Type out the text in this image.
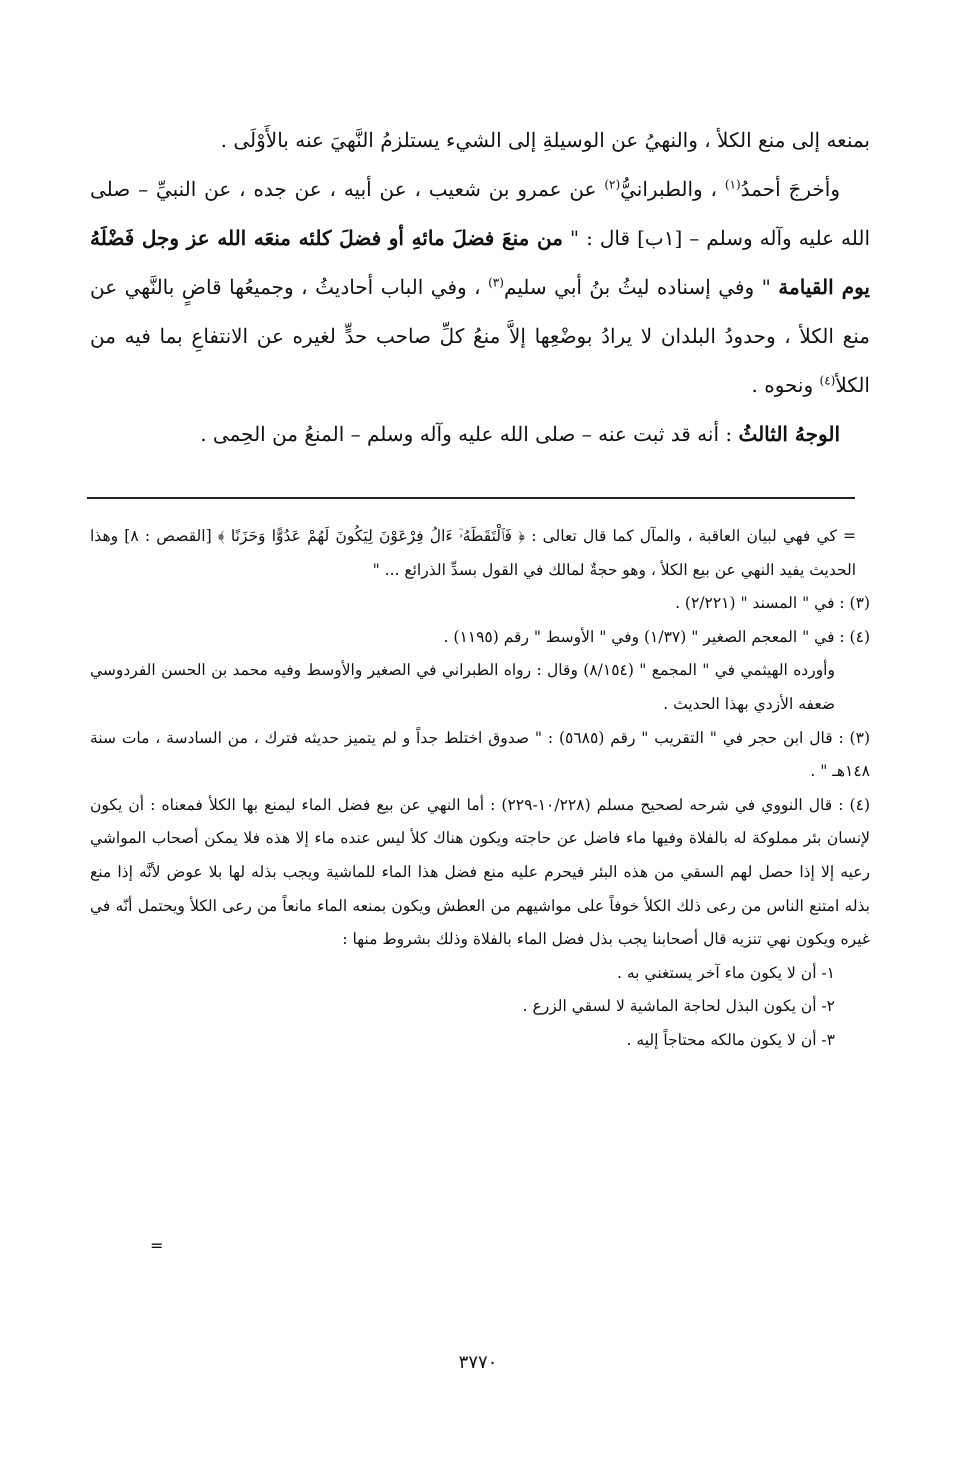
بمنعه إلى منع الكلأ ، والنهيُ عن الوسيلةِ إلى الشيء يستلزمُ النَّهيَ عنه بالأَوْلَى .

وأخرجَ أحمدُ$^{(١)}$ ، والطبرانيُّ$^{(٢)}$ عن عمرو بن شعيب ، عن أبيه ، عن جده ، عن النبيِّ – صلى الله عليه وآله وسلم – [١ب] قال : " من منعَ فضلَ مائهِ أو فضلَ كلئه منعَه الله عز وجل فَضْلَهُ يوم القيامة " وفي إسناده ليثُ بنُ أبي سليم$^{(٣)}$ ، وفي الباب أحاديثُ ، وجميعُها قاضٍ بالنَّهي عن منع الكلأ ، وحدودُ البلدان لا يرادُ بوضْعِها إلاَّ منعُ كلِّ صاحب حدٍّ لغيره عن الانتفاعِ بما فيه من الكلأ$^{(٤)}$ ونحوه .

الوجهُ الثالثُ : أنه قد ثبت عنه – صلى الله عليه وآله وسلم – المنعُ من الحِمى .

= كي فهي لبيان العاقبة ، والمآل كما قال تعالى : ﴿ فَٱلْتَقَطَهُۥٓ ءَالُ فِرْعَوْنَ لِيَكُونَ لَهُمْ عَدُوًّا وَحَزَنًا ﴾ [القصص : ٨] وهذا الحديث يفيد النهي عن بيع الكلأ ، وهو حجةٌ لمالك في القول بسدِّ الذرائع ... "

(٣) : في " المسند " (٢/٢٢١) .

(٤) : في " المعجم الصغير " (١/٣٧) وفي " الأوسط " رقم (١١٩٥) .

وأورده الهيثمي في " المجمع " (٨/١٥٤) وقال : رواه الطبراني في الصغير والأوسط وفيه محمد بن الحسن الفردوسي ضعفه الأزدي بهذا الحديث .

(٣) : قال ابن حجر في " التقريب " رقم (٥٦٨٥) : " صدوق اختلط جداً و لم يتميز حديثه فترك ، من السادسة ، مات سنة ١٤٨هـ " .

(٤) : قال النووي في شرحه لصحيح مسلم (١٠/٢٢٨-٢٢٩) : أما النهي عن بيع فضل الماء ليمنع بها الكلأ فمعناه : أن يكون لإنسان بئر مملوكة له بالفلاة وفيها ماء فاضل عن حاجته ويكون هناك كلأ ليس عنده ماء إلا هذه فلا يمكن أصحاب المواشي رعيه إلا إذا حصل لهم السقي من هذه البئر فيحرم عليه منع فضل هذا الماء للماشية ويجب بذله لها بلا عوض لأنَّه إذا منع بذله امتنع الناس من رعى ذلك الكلأ خوفاً على مواشيهم من العطش ويكون بمنعه الماء مانعاً من رعى الكلأ ويحتمل أنّه في غيره ويكون نهي تنزيه قال أصحابنا يجب بذل فضل الماء بالفلاة وذلك بشروط منها :

١- أن لا يكون ماء آخر يستغني به .

٢- أن يكون البذل لحاجة الماشية لا لسقي الزرع .

٣- أن لا يكون مالكه محتاجاً إليه .

=
٣٧٧٠
